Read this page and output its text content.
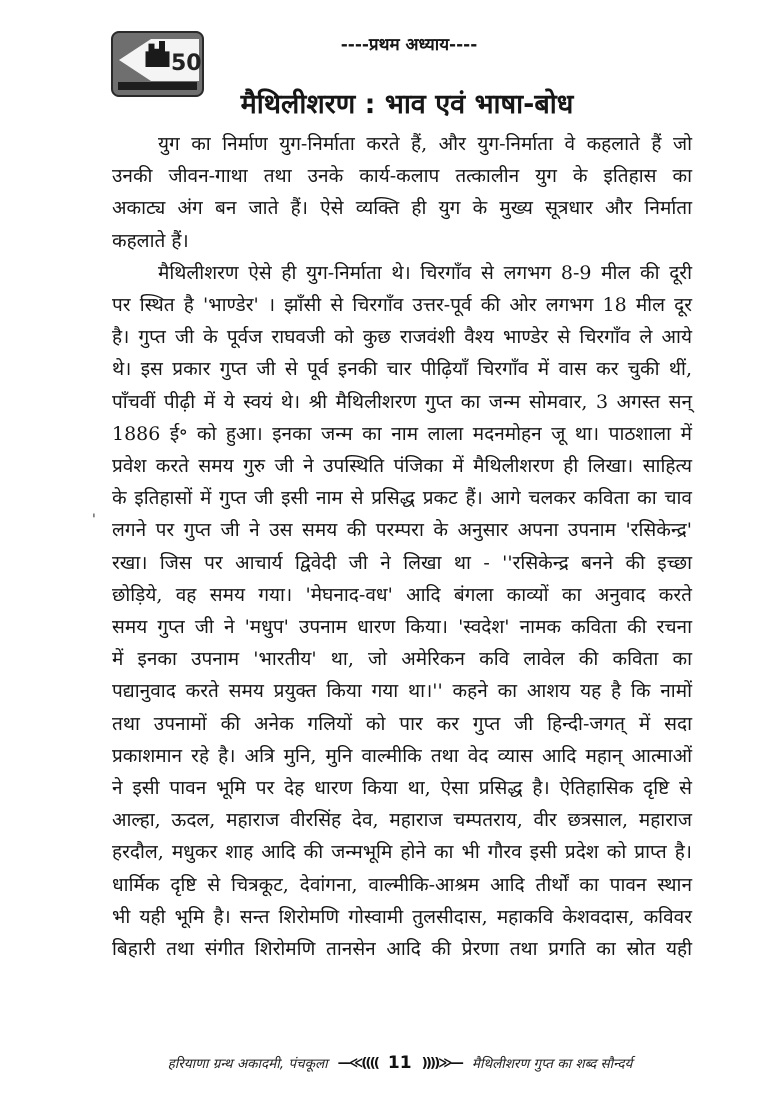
50
----प्रथम अध्याय----
मैथिलीशरण : भाव एवं भाषा-बोध
'
युग का निर्माण युग-निर्माता करते हैं, और युग-निर्माता वे कहलाते हैं जो
उनकी जीवन-गाथा तथा उनके कार्य-कलाप तत्कालीन युग के इतिहास का
अकाट्य अंग बन जाते हैं। ऐसे व्यक्ति ही युग के मुख्य सूत्रधार और निर्माता
कहलाते हैं।
मैथिलीशरण ऐसे ही युग-निर्माता थे। चिरगाँव से लगभग 8-9 मील की दूरी
पर स्थित है 'भाण्डेर' । झाँसी से चिरगाँव उत्तर-पूर्व की ओर लगभग 18 मील दूर
है। गुप्त जी के पूर्वज राघवजी को कुछ राजवंशी वैश्य भाण्डेर से चिरगाँव ले आये
थे। इस प्रकार गुप्त जी से पूर्व इनकी चार पीढ़ियाँ चिरगाँव में वास कर चुकी थीं,
पाँचवीं पीढ़ी में ये स्वयं थे। श्री मैथिलीशरण गुप्त का जन्म सोमवार, 3 अगस्त सन्
1886 ई॰ को हुआ। इनका जन्म का नाम लाला मदनमोहन जू था। पाठशाला में
प्रवेश करते समय गुरु जी ने उपस्थिति पंजिका में मैथिलीशरण ही लिखा। साहित्य
के इतिहासों में गुप्त जी इसी नाम से प्रसिद्ध प्रकट हैं। आगे चलकर कविता का चाव
लगने पर गुप्त जी ने उस समय की परम्परा के अनुसार अपना उपनाम 'रसिकेन्द्र'
रखा। जिस पर आचार्य द्विवेदी जी ने लिखा था - ''रसिकेन्द्र बनने की इच्छा
छोड़िये, वह समय गया। 'मेघनाद-वध' आदि बंगला काव्यों का अनुवाद करते
समय गुप्त जी ने 'मधुप' उपनाम धारण किया। 'स्वदेश' नामक कविता की रचना
में इनका उपनाम 'भारतीय' था, जो अमेरिकन कवि लावेल की कविता का
पद्यानुवाद करते समय प्रयुक्त किया गया था।'' कहने का आशय यह है कि नामों
तथा उपनामों की अनेक गलियों को पार कर गुप्त जी हिन्दी-जगत् में सदा
प्रकाशमान रहे है। अत्रि मुनि, मुनि वाल्मीकि तथा वेद व्यास आदि महान् आत्माओं
ने इसी पावन भूमि पर देह धारण किया था, ऐसा प्रसिद्ध है। ऐतिहासिक दृष्टि से
आल्हा, ऊदल, महाराज वीरसिंह देव, महाराज चम्पतराय, वीर छत्रसाल, महाराज
हरदौल, मधुकर शाह आदि की जन्मभूमि होने का भी गौरव इसी प्रदेश को प्राप्त है।
धार्मिक दृष्टि से चित्रकूट, देवांगना, वाल्मीकि-आश्रम आदि तीर्थों का पावन स्थान
भी यही भूमि है। सन्त शिरोमणि गोस्वामी तुलसीदास, महाकवि केशवदास, कविवर
बिहारी तथा संगीत शिरोमणि तानसेन आदि की प्रेरणा तथा प्रगति का स्रोत यही
हरियाणा ग्रन्थ अकादमी, पंचकूला —≪(((( 11 ))))≫— मैथिलीशरण गुप्त का शब्द सौन्दर्य
